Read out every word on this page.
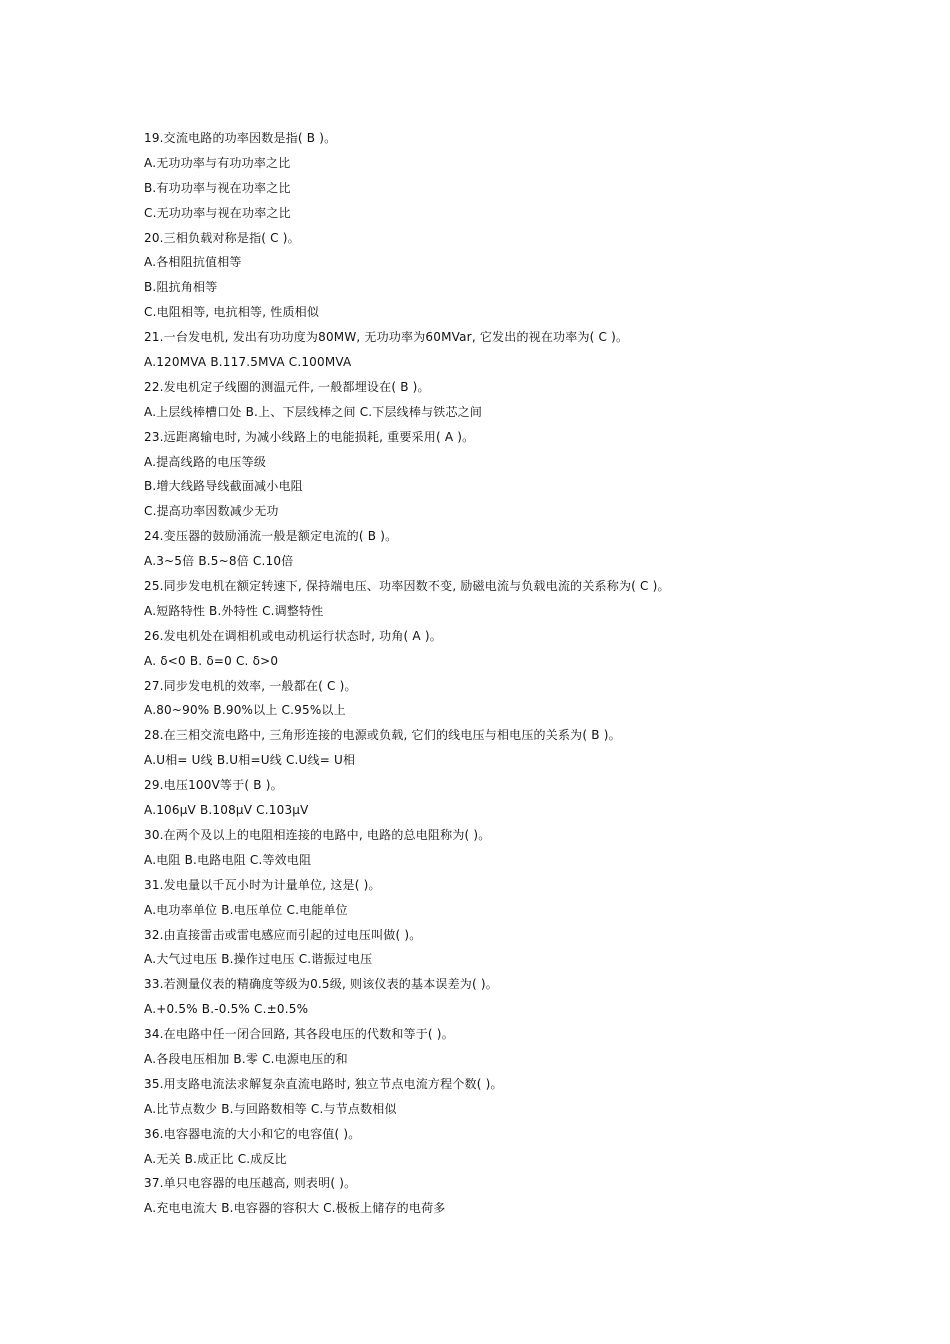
19.交流电路的功率因数是指( B )。
A.无功功率与有功功率之比
B.有功功率与视在功率之比
C.无功功率与视在功率之比
20.三相负载对称是指( C )。
A.各相阻抗值相等
B.阻抗角相等
C.电阻相等, 电抗相等, 性质相似
21.一台发电机, 发出有功功度为80MW, 无功功率为60MVar, 它发出的视在功率为( C )。
A.120MVA B.117.5MVA C.100MVA
22.发电机定子线圈的测温元件, 一般都埋设在( B )。
A.上层线棒槽口处 B.上、下层线棒之间 C.下层线棒与铁芯之间
23.远距离输电时, 为减小线路上的电能损耗, 重要采用( A )。
A.提高线路的电压等级
B.增大线路导线截面减小电阻
C.提高功率因数减少无功
24.变压器的鼓励涌流一般是额定电流的( B )。
A.3~5倍 B.5~8倍 C.10倍
25.同步发电机在额定转速下, 保持端电压、功率因数不变, 励磁电流与负载电流的关系称为( C )。
A.短路特性 B.外特性 C.调整特性
26.发电机处在调相机或电动机运行状态时, 功角( A )。
A. δ<0 B. δ=0 C. δ>0
27.同步发电机的效率, 一般都在( C )。
A.80~90% B.90%以上 C.95%以上
28.在三相交流电路中, 三角形连接的电源或负载, 它们的线电压与相电压的关系为( B )。
A.U相= U线 B.U相=U线 C.U线= U相
29.电压100V等于( B )。
A.106μV B.108μV C.103μV
30.在两个及以上的电阻相连接的电路中, 电路的总电阻称为( )。
A.电阻 B.电路电阻 C.等效电阻
31.发电量以千瓦小时为计量单位, 这是( )。
A.电功率单位 B.电压单位 C.电能单位
32.由直接雷击或雷电感应而引起的过电压叫做( )。
A.大气过电压 B.操作过电压 C.谐振过电压
33.若测量仪表的精确度等级为0.5级, 则该仪表的基本误差为( )。
A.+0.5% B.-0.5% C.±0.5%
34.在电路中任一闭合回路, 其各段电压的代数和等于( )。
A.各段电压相加 B.零 C.电源电压的和
35.用支路电流法求解复杂直流电路时, 独立节点电流方程个数( )。
A.比节点数少 B.与回路数相等 C.与节点数相似
36.电容器电流的大小和它的电容值( )。
A.无关 B.成正比 C.成反比
37.单只电容器的电压越高, 则表明( )。
A.充电电流大 B.电容器的容积大 C.极板上储存的电荷多
